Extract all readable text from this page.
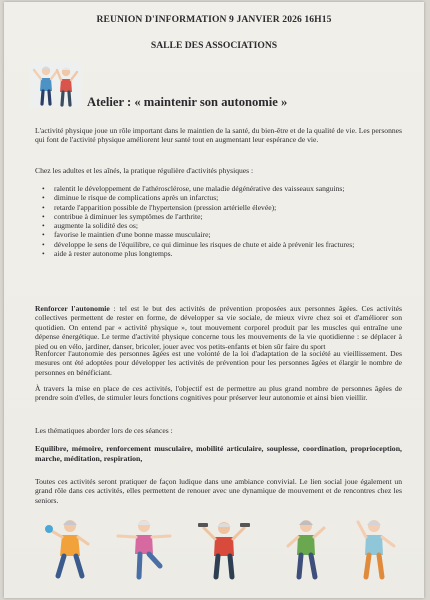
REUNION D'INFORMATION 9 JANVIER 2026 16H15
SALLE DES ASSOCIATIONS
Atelier : « maintenir son autonomie »

L'activité physique joue un rôle important dans le maintien de la santé, du bien-être et de la qualité de vie. Les personnes qui font de l'activité physique améliorent leur santé tout en augmentant leur espérance de vie.

Chez les adultes et les aînés, la pratique régulière d'activités physiques :

• ralentit le développement de l'athérosclérose, une maladie dégénérative des vaisseaux sanguins;
• diminue le risque de complications après un infarctus;
• retarde l'apparition possible de l'hypertension (pression artérielle élevée);
• contribue à diminuer les symptômes de l'arthrite;
• augmente la solidité des os;
• favorise le maintien d'une bonne masse musculaire;
• développe le sens de l'équilibre, ce qui diminue les risques de chute et aide à prévenir les fractures;
• aide à rester autonome plus longtemps.

Renforcer l'autonomie : tel est le but des activités de prévention proposées aux personnes âgées. Ces activités collectives permettent de rester en forme, de développer sa vie sociale, de mieux vivre chez soi et d'améliorer son quotidien. On entend par « activité physique », tout mouvement corporel produit par les muscles qui entraîne une dépense énergétique. Le terme d'activité physique concerne tous les mouvements de la vie quotidienne : se déplacer à pied ou en vélo, jardiner, danser, bricoler, jouer avec vos petits-enfants et bien sûr faire du sport

Renforcer l'autonomie des personnes âgées est une volonté de la loi d'adaptation de la société au vieillissement. Des mesures ont été adoptées pour développer les activités de prévention pour les personnes âgées et élargir le nombre de personnes en bénéficiant.

À travers la mise en place de ces activités, l'objectif est de permettre au plus grand nombre de personnes âgées de prendre soin d'elles, de stimuler leurs fonctions cognitives pour préserver leur autonomie et ainsi bien vieillir.

Les thématiques aborder lors de ces séances :

Equilibre, mémoire, renforcement musculaire, mobilité articulaire, souplesse, coordination, proprioception, marche, méditation, respiration,

Toutes ces activités seront pratiquer de façon ludique dans une ambiance convivial. Le lien social joue également un grand rôle dans ces activités, elles permettent de renouer avec une dynamique de mouvement et de rencontres chez les seniors.
